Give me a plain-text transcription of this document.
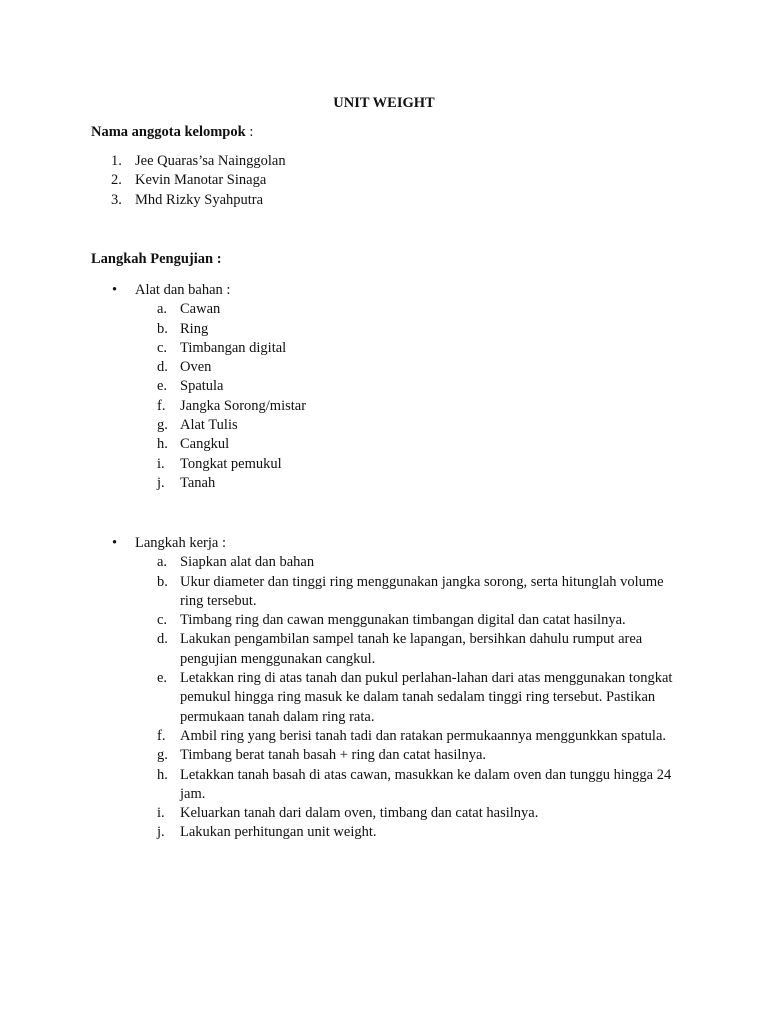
UNIT WEIGHT
Nama anggota kelompok :
1. Jee Quaras’sa Nainggolan
2. Kevin Manotar Sinaga
3. Mhd Rizky Syahputra
Langkah Pengujian :
• Alat dan bahan :
a. Cawan
b. Ring
c. Timbangan digital
d. Oven
e. Spatula
f. Jangka Sorong/mistar
g. Alat Tulis
h. Cangkul
i. Tongkat pemukul
j. Tanah
• Langkah kerja :
a. Siapkan alat dan bahan
b. Ukur diameter dan tinggi ring menggunakan jangka sorong, serta hitunglah volume ring tersebut.
c. Timbang ring dan cawan menggunakan timbangan digital dan catat hasilnya.
d. Lakukan pengambilan sampel tanah ke lapangan, bersihkan dahulu rumput area pengujian menggunakan cangkul.
e. Letakkan ring di atas tanah dan pukul perlahan-lahan dari atas menggunakan tongkat pemukul hingga ring masuk ke dalam tanah sedalam tinggi ring tersebut. Pastikan permukaan tanah dalam ring rata.
f. Ambil ring yang berisi tanah tadi dan ratakan permukaannya menggunkkan spatula.
g. Timbang berat tanah basah + ring dan catat hasilnya.
h. Letakkan tanah basah di atas cawan, masukkan ke dalam oven dan tunggu hingga 24 jam.
i. Keluarkan tanah dari dalam oven, timbang dan catat hasilnya.
j. Lakukan perhitungan unit weight.
